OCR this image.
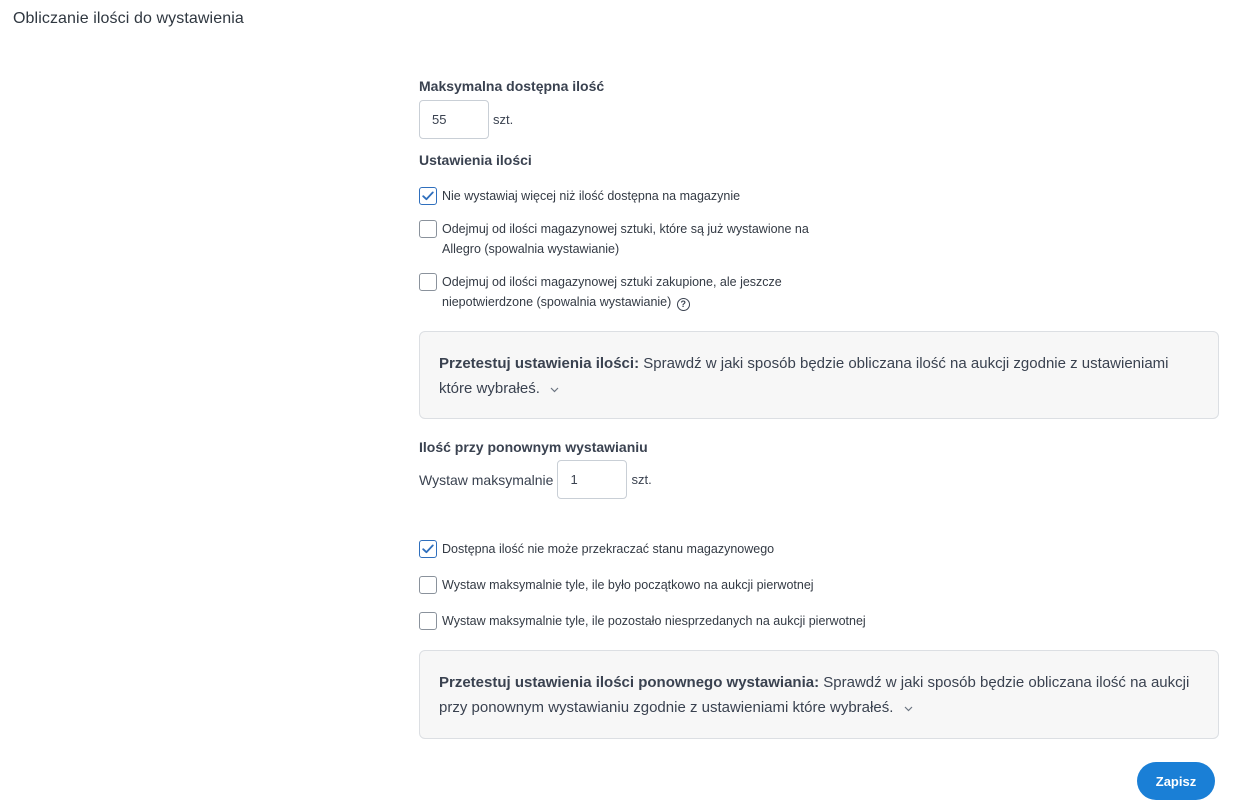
Obliczanie ilości do wystawienia
Maksymalna dostępna ilość
55
szt.
Ustawienia ilości
Nie wystawiaj więcej niż ilość dostępna na magazynie
Odejmuj od ilości magazynowej sztuki, które są już wystawione na Allegro (spowalnia wystawianie)
Odejmuj od ilości magazynowej sztuki zakupione, ale jeszcze niepotwierdzone (spowalnia wystawianie) ?
Przetestuj ustawienia ilości: Sprawdź w jaki sposób będzie obliczana ilość na aukcji zgodnie z ustawieniami które wybrałeś.
Ilość przy ponownym wystawianiu
Wystaw maksymalnie
1	szt.
Dostępna ilość nie może przekraczać stanu magazynowego
Wystaw maksymalnie tyle, ile było początkowo na aukcji pierwotnej
Wystaw maksymalnie tyle, ile pozostało niesprzedanych na aukcji pierwotnej
Przetestuj ustawienia ilości ponownego wystawiania: Sprawdź w jaki sposób będzie obliczana ilość na aukcji przy ponownym wystawianiu zgodnie z ustawieniami które wybrałeś.
Zapisz
